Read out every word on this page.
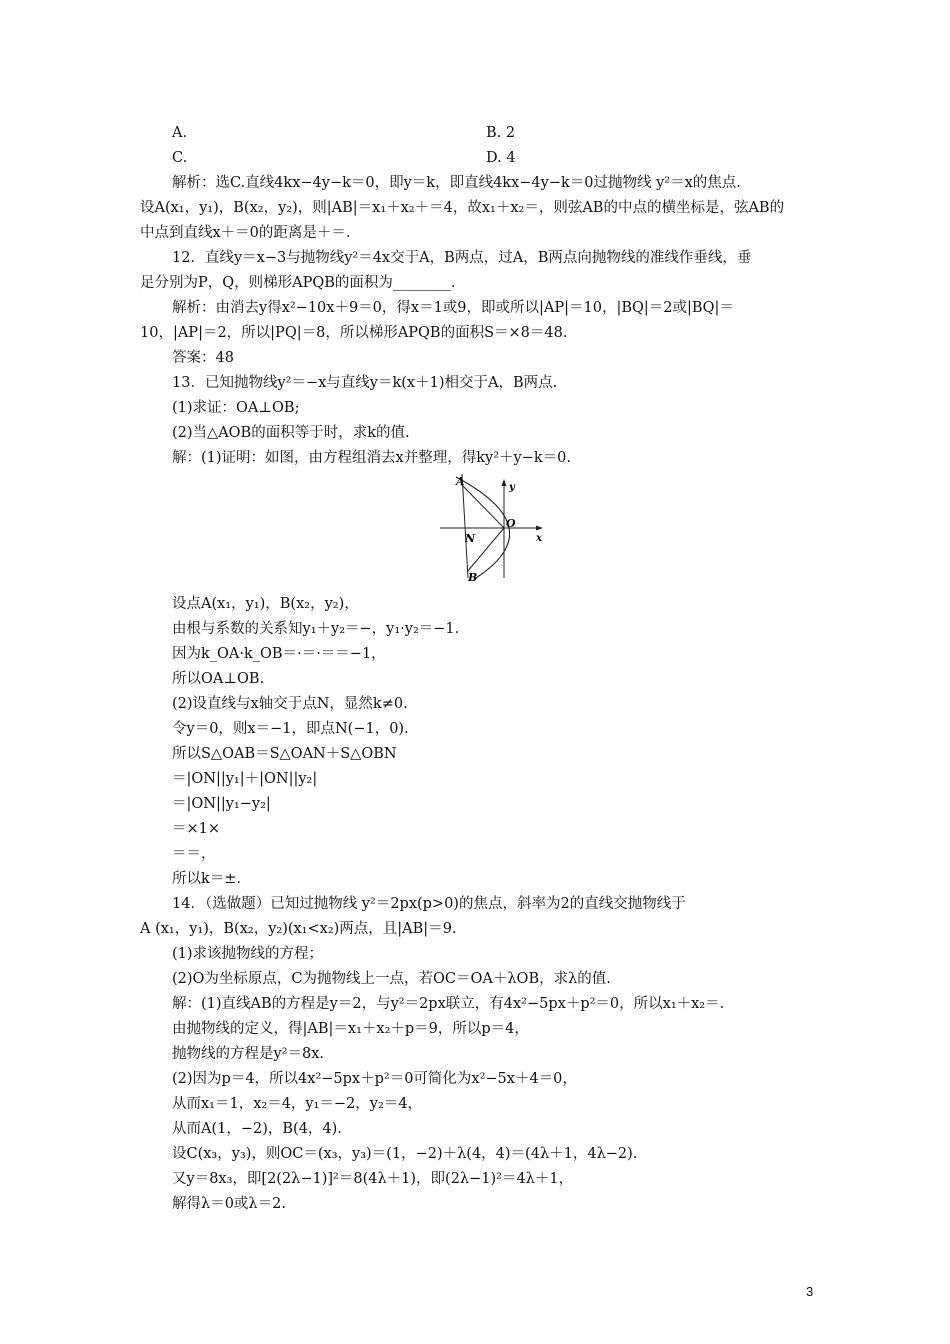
A.	B. 2
C.	D. 4
解析：选C.直线4kx−4y−k＝0，即y＝k，即直线4kx−4y−k＝0过抛物线 y²＝x的焦点.
设A(x₁，y₁)，B(x₂，y₂)，则|AB|＝x₁＋x₂＋＝4，故x₁＋x₂＝，则弦AB的中点的横坐标是，弦AB的
中点到直线x＋＝0的距离是＋＝.
12．直线y＝x−3与抛物线y²＝4x交于A，B两点，过A，B两点向抛物线的准线作垂线，垂
足分别为P，Q，则梯形APQB的面积为________.
解析：由消去y得x²−10x＋9＝0，得x＝1或9，即或所以|AP|＝10，|BQ|＝2或|BQ|＝
10，|AP|＝2，所以|PQ|＝8，所以梯形APQB的面积S＝×8＝48.
答案：48
13．已知抛物线y²＝−x与直线y＝k(x＋1)相交于A，B两点.
(1)求证：OA⊥OB;
(2)当△AOB的面积等于时，求k的值.
解：(1)证明：如图，由方程组消去x并整理，得ky²＋y−k＝0.
A
B
N
O
x
y
设点A(x₁，y₁)，B(x₂，y₂)，
由根与系数的关系知y₁＋y₂＝−，y₁·y₂＝−1.
因为k_OA·k_OB＝·＝·＝＝−1，
所以OA⊥OB.
(2)设直线与x轴交于点N，显然k≠0.
令y＝0，则x＝−1，即点N(−1，0).
所以S△OAB＝S△OAN＋S△OBN
＝|ON||y₁|＋|ON||y₂|
＝|ON||y₁−y₂|
＝×1×
＝＝，
所以k＝±.
14．（选做题）已知过抛物线 y²＝2px(p>0)的焦点，斜率为2的直线交抛物线于
A (x₁，y₁)，B(x₂，y₂)(x₁<x₂)两点，且|AB|＝9.
(1)求该抛物线的方程；
(2)O为坐标原点，C为抛物线上一点，若OC＝OA＋λOB，求λ的值.
解：(1)直线AB的方程是y＝2，与y²＝2px联立，有4x²−5px＋p²＝0，所以x₁＋x₂＝.
由抛物线的定义，得|AB|＝x₁＋x₂＋p＝9，所以p＝4，
抛物线的方程是y²＝8x.
(2)因为p＝4，所以4x²−5px＋p²＝0可简化为x²−5x＋4＝0，
从而x₁＝1，x₂＝4，y₁＝−2，y₂＝4，
从而A(1，−2)，B(4，4).
设C(x₃，y₃)，则OC＝(x₃，y₃)＝(1，−2)＋λ(4，4)＝(4λ＋1，4λ−2).
又y＝8x₃，即[2(2λ−1)]²＝8(4λ＋1)，即(2λ−1)²＝4λ＋1，
解得λ＝0或λ＝2.
3
